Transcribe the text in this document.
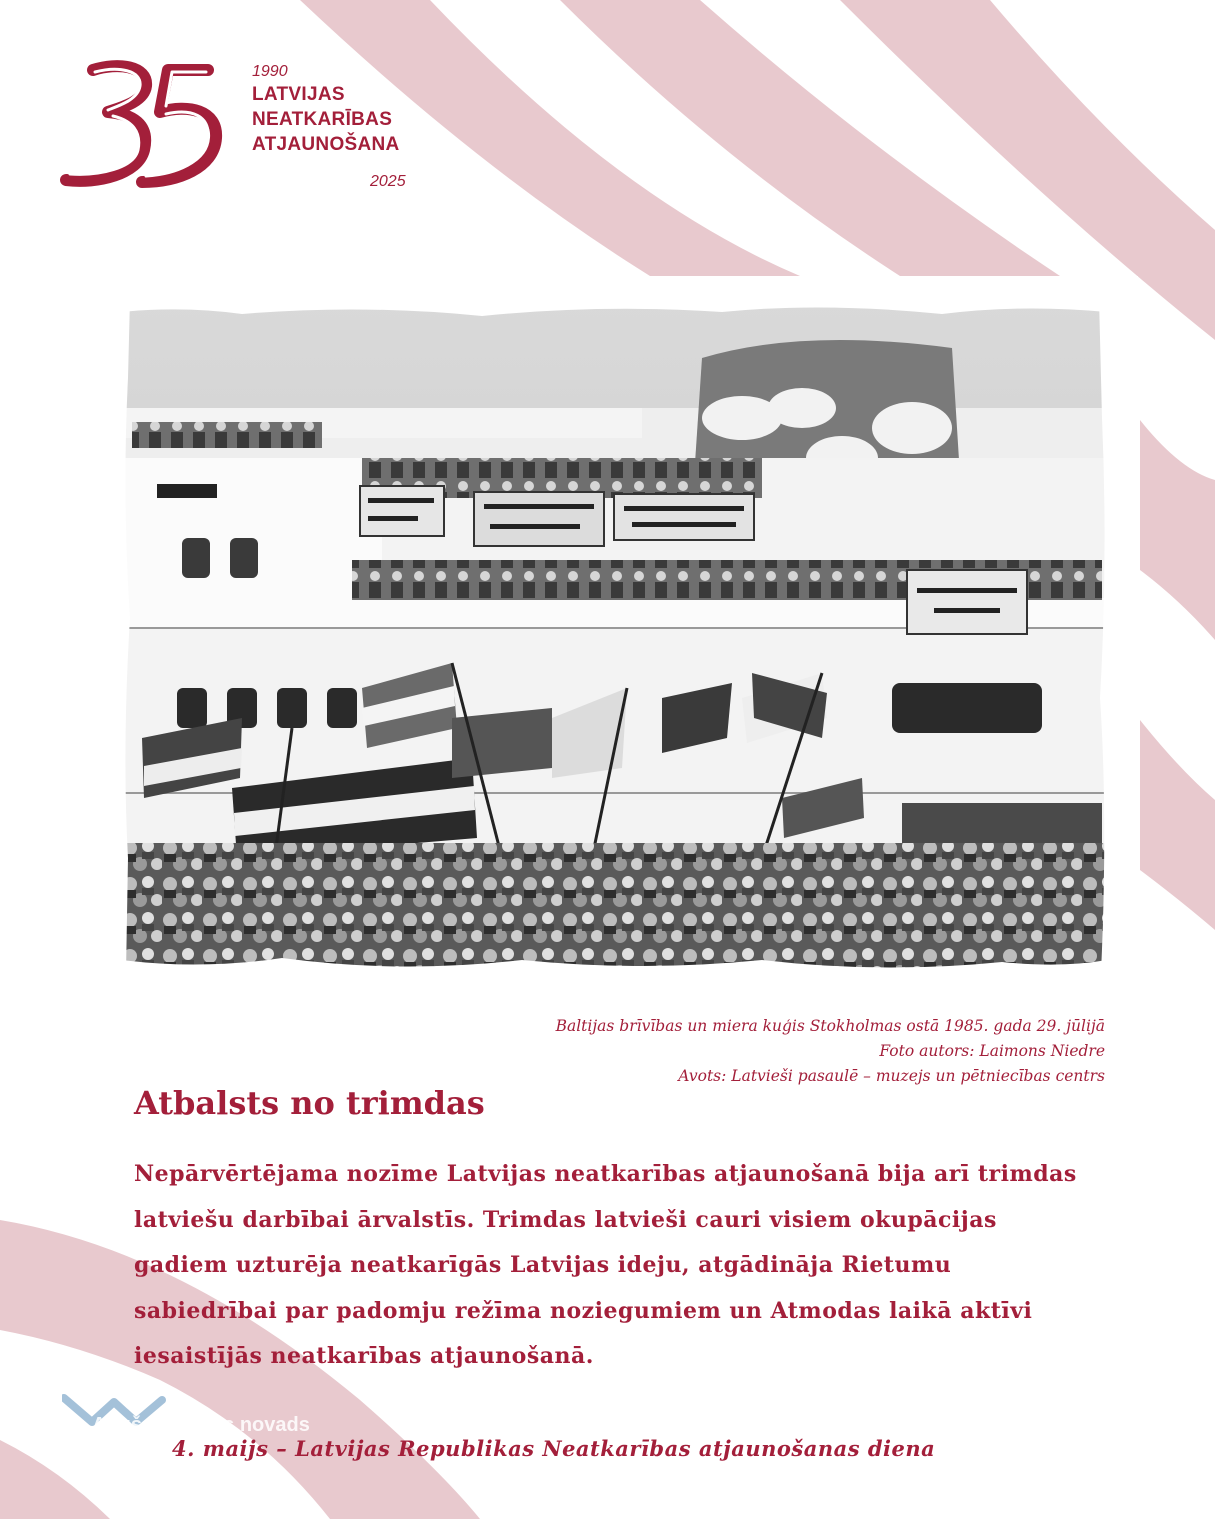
1990
LATVIJAS
NEATKARĪBAS
ATJAUNOŠANA
2025
Baltijas brīvības un miera kuģis Stokholmas ostā 1985. gada 29. jūlijā
Foto autors: Laimons Niedre
Avots: Latvieši pasaulē – muzejs un pētniecības centrs
Atbalsts no trimdas

Nepārvērtējama nozīme Latvijas neatkarības atjaunošanā bija arī trimdas latviešu darbībai ārvalstīs. Trimdas latvieši cauri visiem okupācijas gadiem uzturēja neatkarīgās Latvijas ideju, atgādināja Rietumu sabiedrībai par padomju režīma noziegumiem un Atmodas laikā aktīvi iesaistījās neatkarības atjaunošanā.

Augšdaugavas novads
4. maijs – Latvijas Republikas Neatkarības atjaunošanas diena
